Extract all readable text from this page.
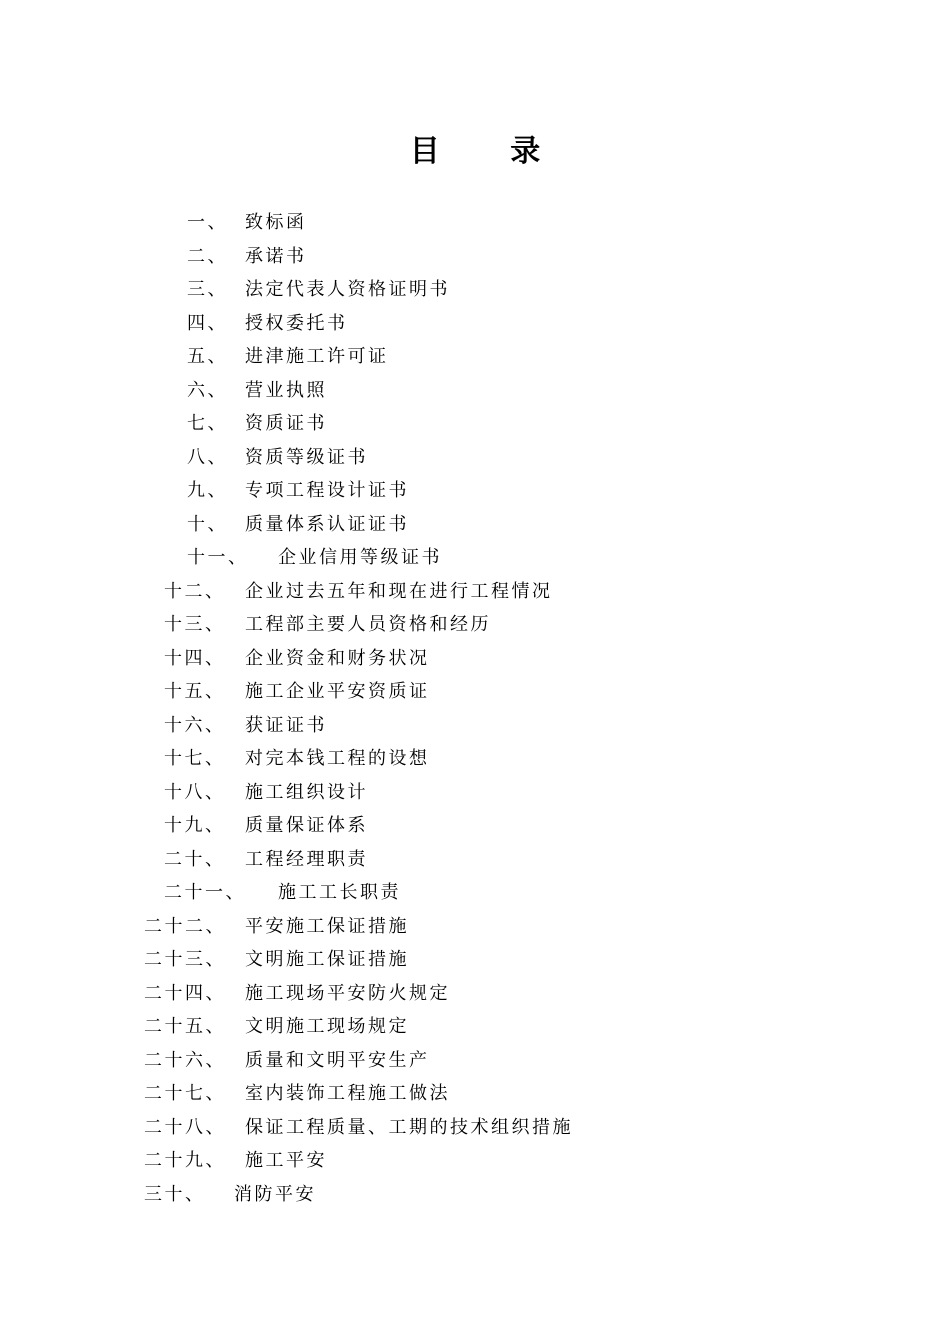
目 录
一、 致标函
二、 承诺书
三、 法定代表人资格证明书
四、 授权委托书
五、 进津施工许可证
六、 营业执照
七、 资质证书
八、 资质等级证书
九、 专项工程设计证书
十、 质量体系认证证书
十一、 企业信用等级证书
十二、 企业过去五年和现在进行工程情况
十三、 工程部主要人员资格和经历
十四、 企业资金和财务状况
十五、 施工企业平安资质证
十六、 获证证书
十七、 对完本钱工程的设想
十八、 施工组织设计
十九、 质量保证体系
二十、 工程经理职责
二十一、 施工工长职责
二十二、 平安施工保证措施
二十三、 文明施工保证措施
二十四、 施工现场平安防火规定
二十五、 文明施工现场规定
二十六、 质量和文明平安生产
二十七、 室内装饰工程施工做法
二十八、 保证工程质量、工期的技术组织措施
二十九、 施工平安
三十、 消防平安
